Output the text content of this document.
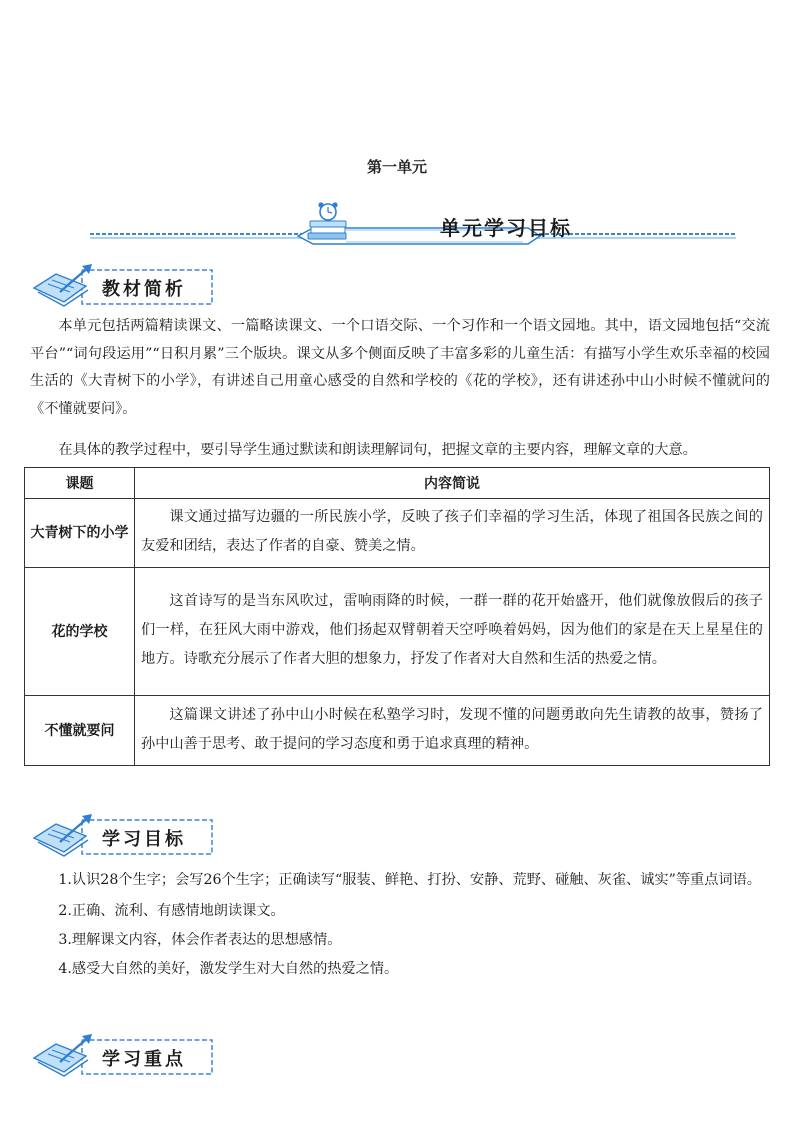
第一单元
单元学习目标
教材简析

本单元包括两篇精读课文、一篇略读课文、一个口语交际、一个习作和一个语文园地。其中，语文园地包括“交流平台”“词句段运用”“日积月累”三个版块。课文从多个侧面反映了丰富多彩的儿童生活：有描写小学生欢乐幸福的校园生活的《大青树下的小学》，有讲述自己用童心感受的自然和学校的《花的学校》，还有讲述孙中山小时候不懂就问的《不懂就要问》。

在具体的教学过程中，要引导学生通过默读和朗读理解词句，把握文章的主要内容，理解文章的大意。

课题	内容简说
大青树下的小学	课文通过描写边疆的一所民族小学，反映了孩子们幸福的学习生活，体现了祖国各民族之间的友爱和团结，表达了作者的自豪、赞美之情。
花的学校	这首诗写的是当东风吹过，雷响雨降的时候，一群一群的花开始盛开，他们就像放假后的孩子们一样，在狂风大雨中游戏，他们扬起双臂朝着天空呼唤着妈妈，因为他们的家是在天上星星住的地方。诗歌充分展示了作者大胆的想象力，抒发了作者对大自然和生活的热爱之情。
不懂就要问	这篇课文讲述了孙中山小时候在私塾学习时，发现不懂的问题勇敢向先生请教的故事，赞扬了孙中山善于思考、敢于提问的学习态度和勇于追求真理的精神。
学习目标

1.认识28个生字；会写26个生字；正确读写“服装、鲜艳、打扮、安静、荒野、碰触、灰雀、诚实”等重点词语。

2.正确、流利、有感情地朗读课文。

3.理解课文内容，体会作者表达的思想感情。

4.感受大自然的美好，激发学生对大自然的热爱之情。

学习重点
